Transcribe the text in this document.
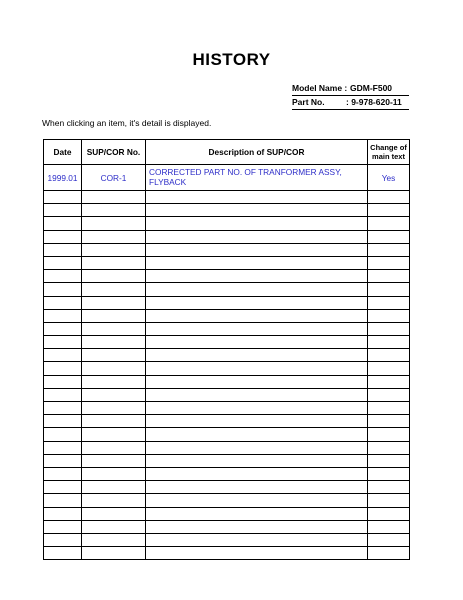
HISTORY
Model Name : GDM-F500
Part No.	: 9-978-620-11
When clicking an item, it's detail is displayed.
Date	SUP/COR No.	Description of SUP/COR	Change of
main text

1999.01	COR-1	CORRECTED PART NO. OF TRANFORMER ASSY,
FLYBACK	Yes
